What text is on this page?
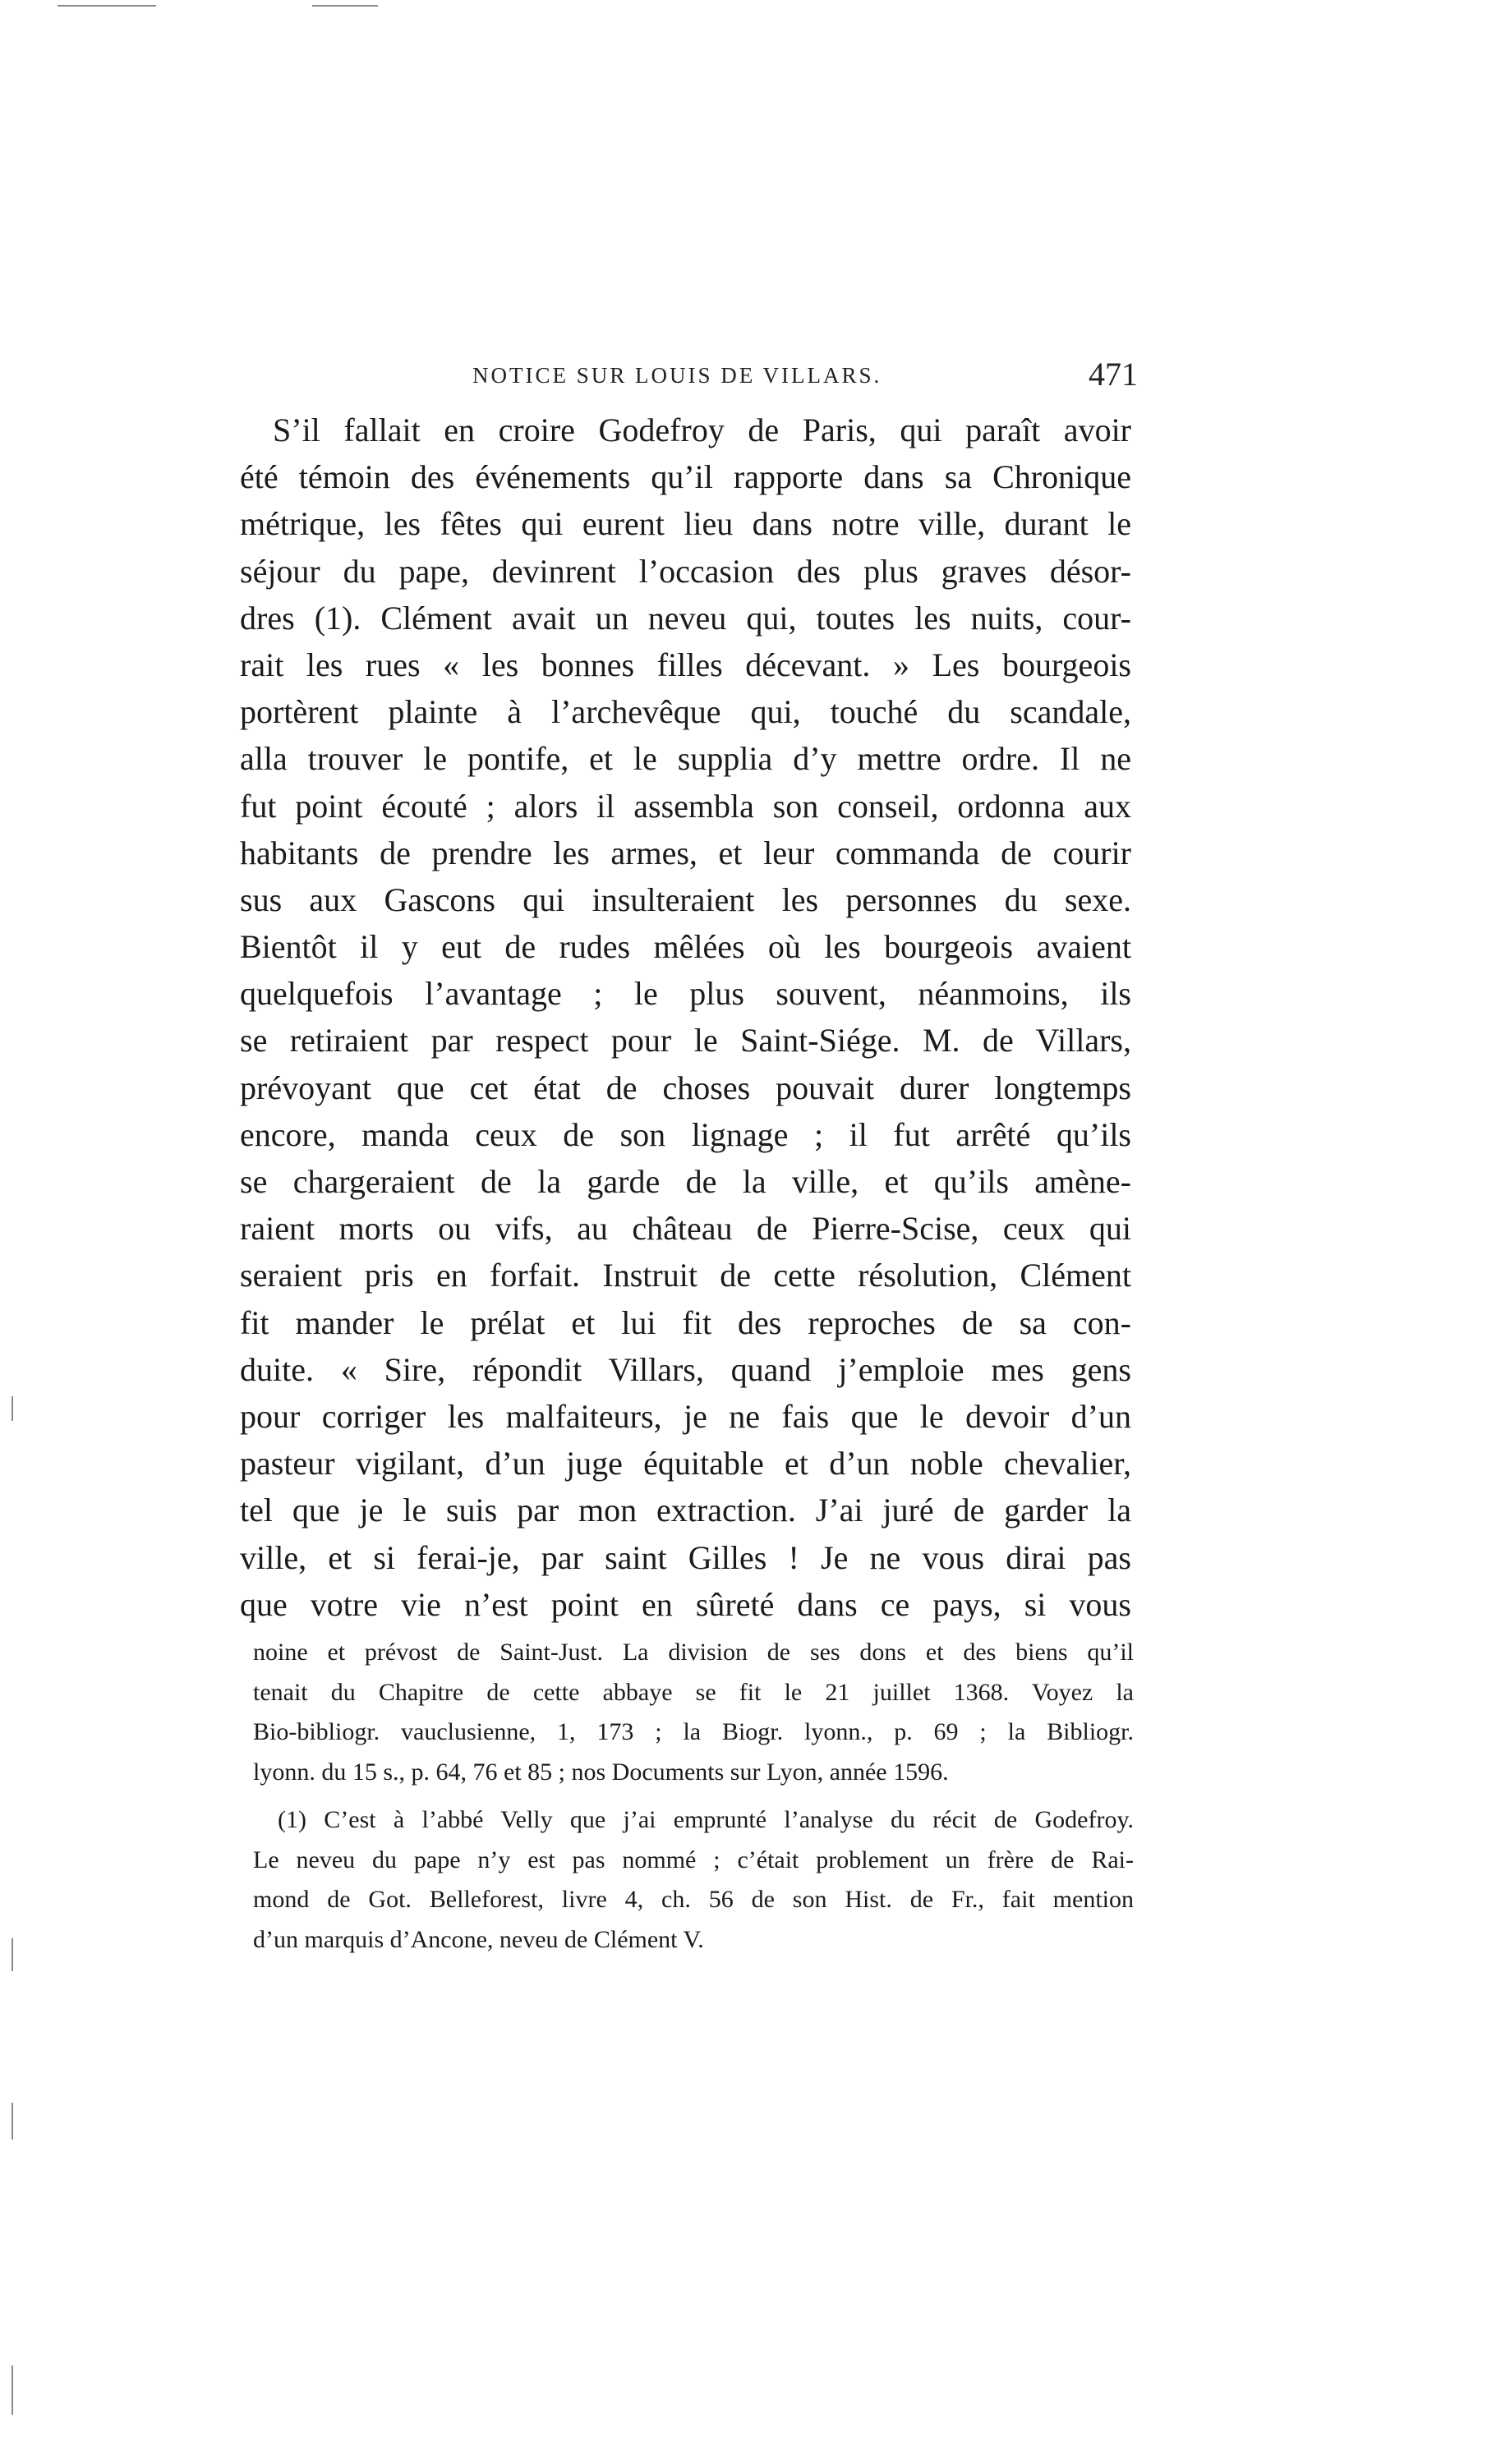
NOTICE SUR LOUIS DE VILLARS.	471
S’il fallait en croire Godefroy de Paris, qui paraît avoir
été témoin des événements qu’il rapporte dans sa Chronique
métrique, les fêtes qui eurent lieu dans notre ville, durant le
séjour du pape, devinrent l’occasion des plus graves désor-
dres (1). Clément avait un neveu qui, toutes les nuits, cour-
rait les rues « les bonnes filles décevant. » Les bourgeois
portèrent plainte à l’archevêque qui, touché du scandale,
alla trouver le pontife, et le supplia d’y mettre ordre. Il ne
fut point écouté ; alors il assembla son conseil, ordonna aux
habitants de prendre les armes, et leur commanda de courir
sus aux Gascons qui insulteraient les personnes du sexe.
Bientôt il y eut de rudes mêlées où les bourgeois avaient
quelquefois l’avantage ; le plus souvent, néanmoins, ils
se retiraient par respect pour le Saint-Siége. M. de Villars,
prévoyant que cet état de choses pouvait durer longtemps
encore, manda ceux de son lignage ; il fut arrêté qu’ils
se chargeraient de la garde de la ville, et qu’ils amène-
raient morts ou vifs, au château de Pierre-Scise, ceux qui
seraient pris en forfait. Instruit de cette résolution, Clément
fit mander le prélat et lui fit des reproches de sa con-
duite. « Sire, répondit Villars, quand j’emploie mes gens
pour corriger les malfaiteurs, je ne fais que le devoir d’un
pasteur vigilant, d’un juge équitable et d’un noble chevalier,
tel que je le suis par mon extraction. J’ai juré de garder la
ville, et si ferai-je, par saint Gilles ! Je ne vous dirai pas
que votre vie n’est point en sûreté dans ce pays, si vous
noine et prévost de Saint-Just. La division de ses dons et des biens qu’il
tenait du Chapitre de cette abbaye se fit le 21 juillet 1368. Voyez la
Bio-bibliogr. vauclusienne, 1, 173 ; la Biogr. lyonn., p. 69 ; la Bibliogr.
lyonn. du 15 s., p. 64, 76 et 85 ; nos Documents sur Lyon, année 1596.
(1) C’est à l’abbé Velly que j’ai emprunté l’analyse du récit de Godefroy.
Le neveu du pape n’y est pas nommé ; c’était problement un frère de Rai-
mond de Got. Belleforest, livre 4, ch. 56 de son Hist. de Fr., fait mention
d’un marquis d’Ancone, neveu de Clément V.
